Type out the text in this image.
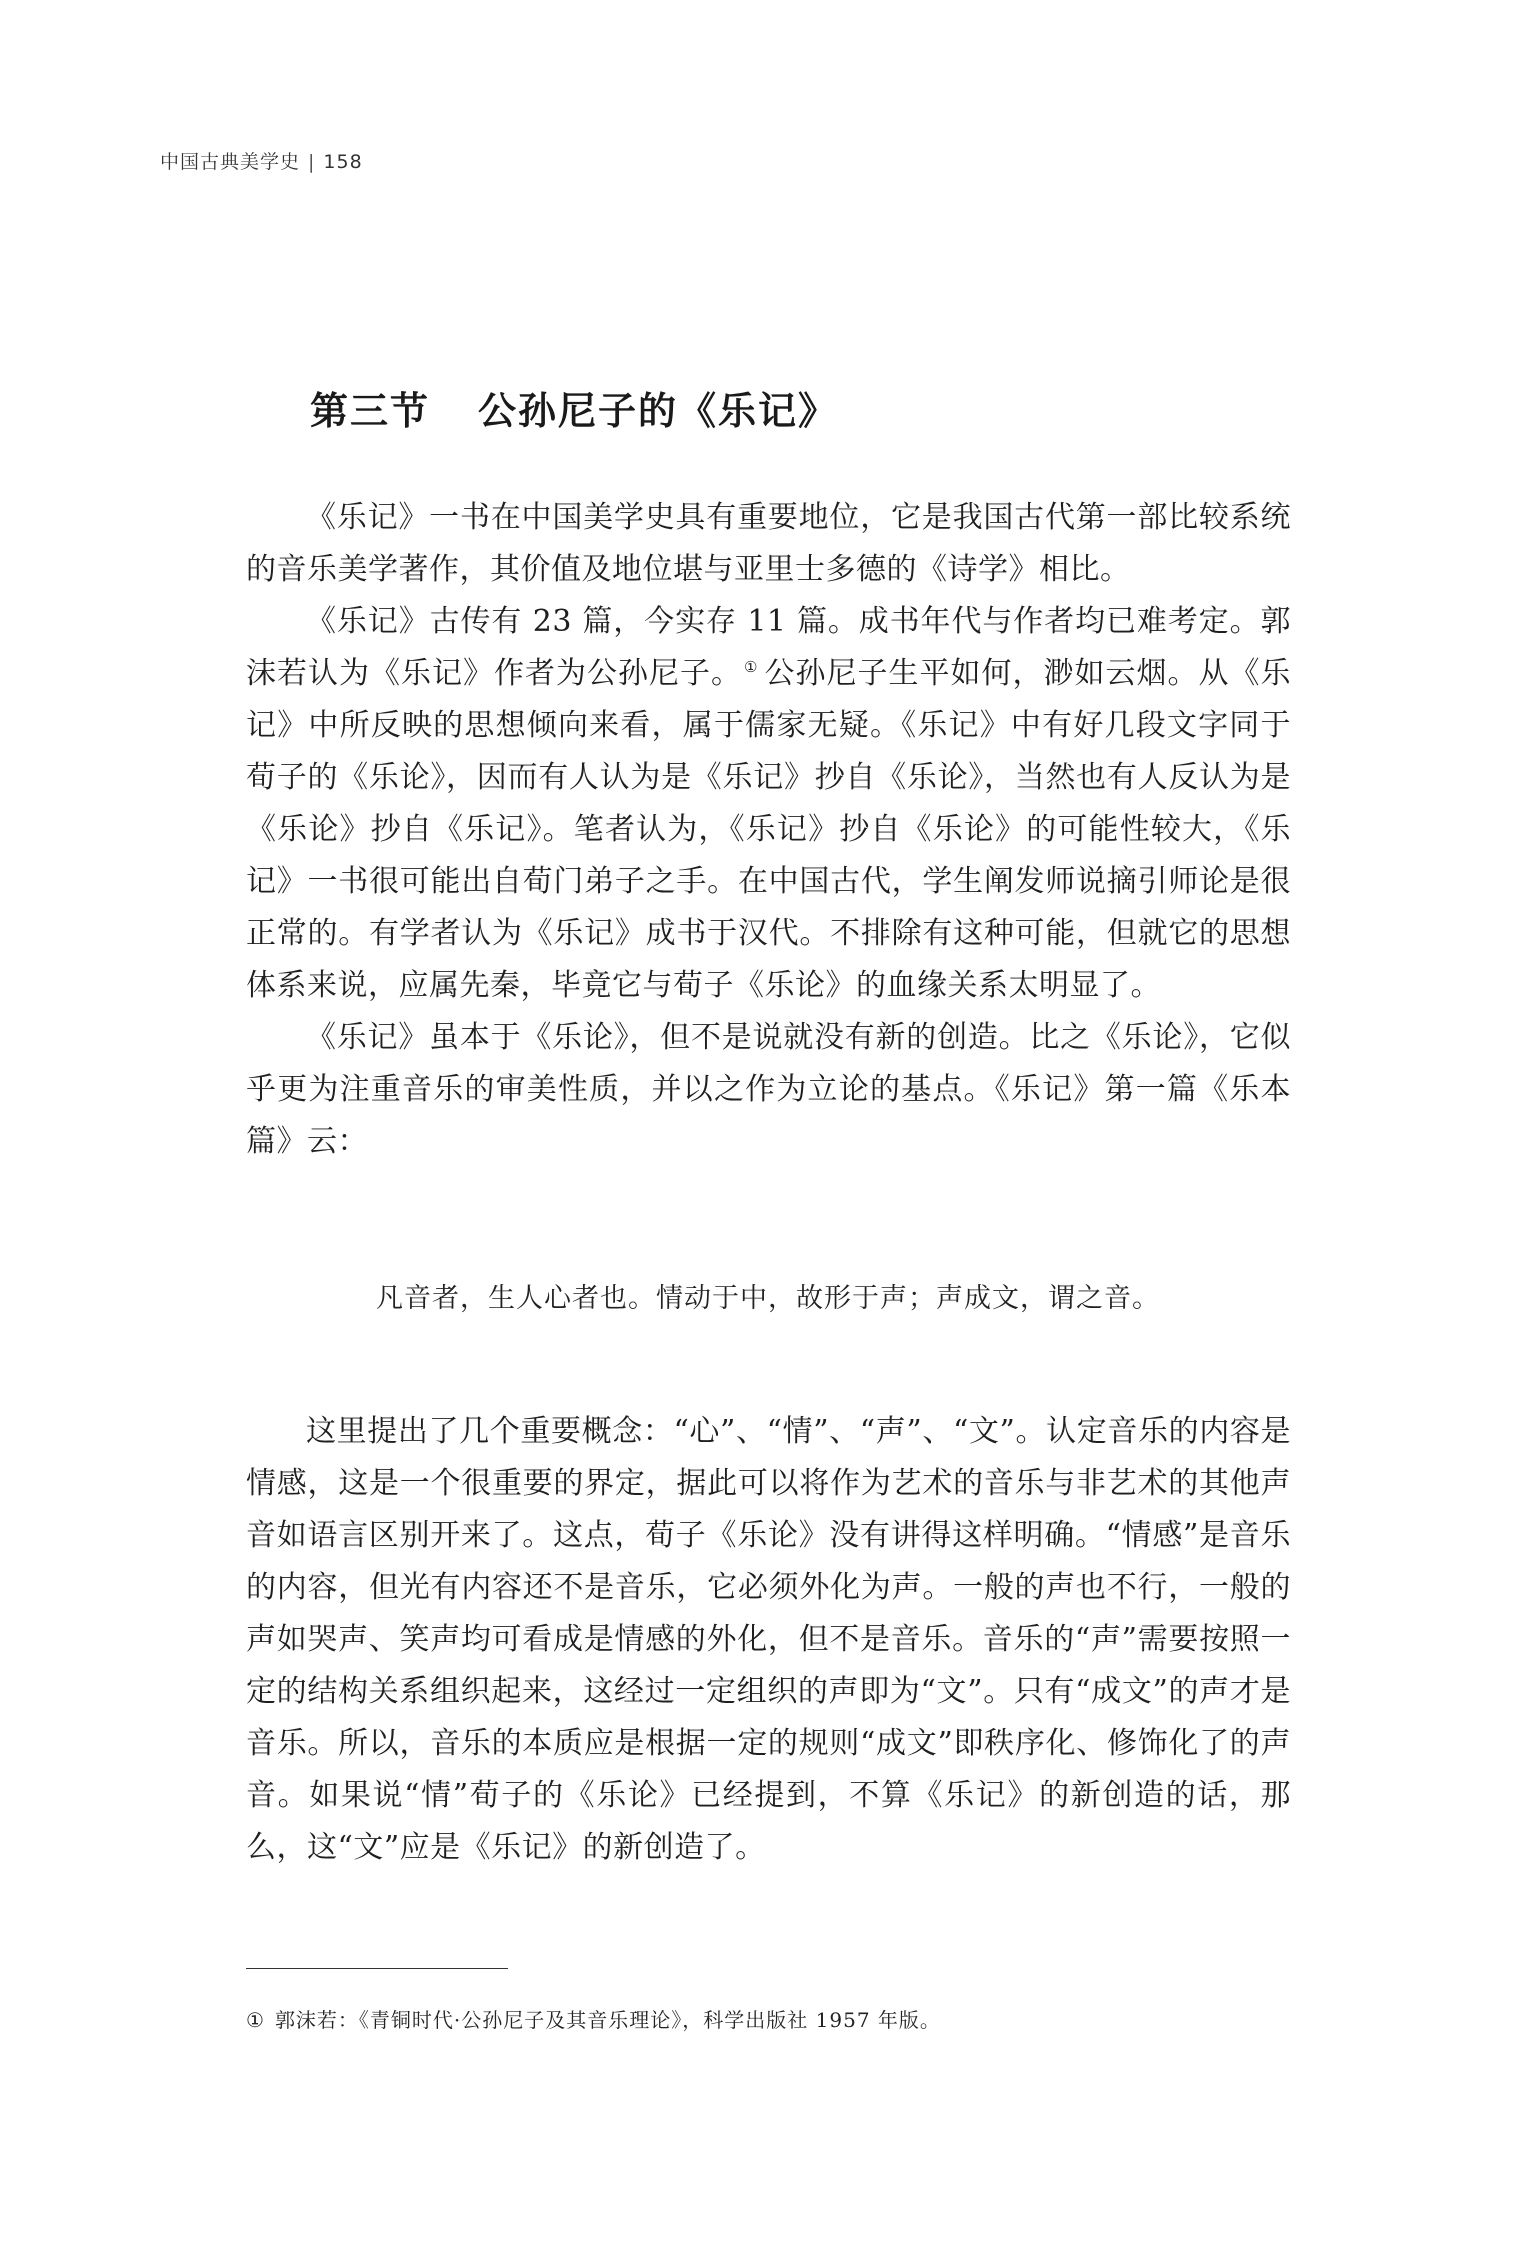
中国古典美学史 | 158
第三节 公孙尼子的《乐记》

《乐记》一书在中国美学史具有重要地位，它是我国古代第一部比较系统的音乐美学著作，其价值及地位堪与亚里士多德的《诗学》相比。

《乐记》古传有 23 篇，今实存 11 篇。成书年代与作者均已难考定。郭沫若认为《乐记》作者为公孙尼子。 ① 公孙尼子生平如何，渺如云烟。从《乐记》中所反映的思想倾向来看，属于儒家无疑。《乐记》中有好几段文字同于荀子的《乐论》，因而有人认为是《乐记》抄自《乐论》，当然也有人反认为是《乐论》抄自《乐记》。笔者认为，《乐记》抄自《乐论》的可能性较大，《乐记》一书很可能出自荀门弟子之手。在中国古代，学生阐发师说摘引师论是很正常的。有学者认为《乐记》成书于汉代。不排除有这种可能，但就它的思想体系来说，应属先秦，毕竟它与荀子《乐论》的血缘关系太明显了。

《乐记》虽本于《乐论》，但不是说就没有新的创造。比之《乐论》，它似乎更为注重音乐的审美性质，并以之作为立论的基点。《乐记》第一篇《乐本篇》云：

凡音者，生人心者也。情动于中，故形于声；声成文，谓之音。

这里提出了几个重要概念：“心”、“情”、“声”、“文”。认定音乐的内容是情感，这是一个很重要的界定，据此可以将作为艺术的音乐与非艺术的其他声音如语言区别开来了。这点，荀子《乐论》没有讲得这样明确。“情感”是音乐的内容，但光有内容还不是音乐，它必须外化为声。一般的声也不行，一般的声如哭声、笑声均可看成是情感的外化，但不是音乐。音乐的“声”需要按照一定的结构关系组织起来，这经过一定组织的声即为“文”。只有“成文”的声才是音乐。所以，音乐的本质应是根据一定的规则“成文”即秩序化、修饰化了的声音。如果说“情”荀子的《乐论》已经提到，不算《乐记》的新创造的话，那么，这“文”应是《乐记》的新创造了。

① 郭沫若：《青铜时代·公孙尼子及其音乐理论》，科学出版社 1957 年版。
